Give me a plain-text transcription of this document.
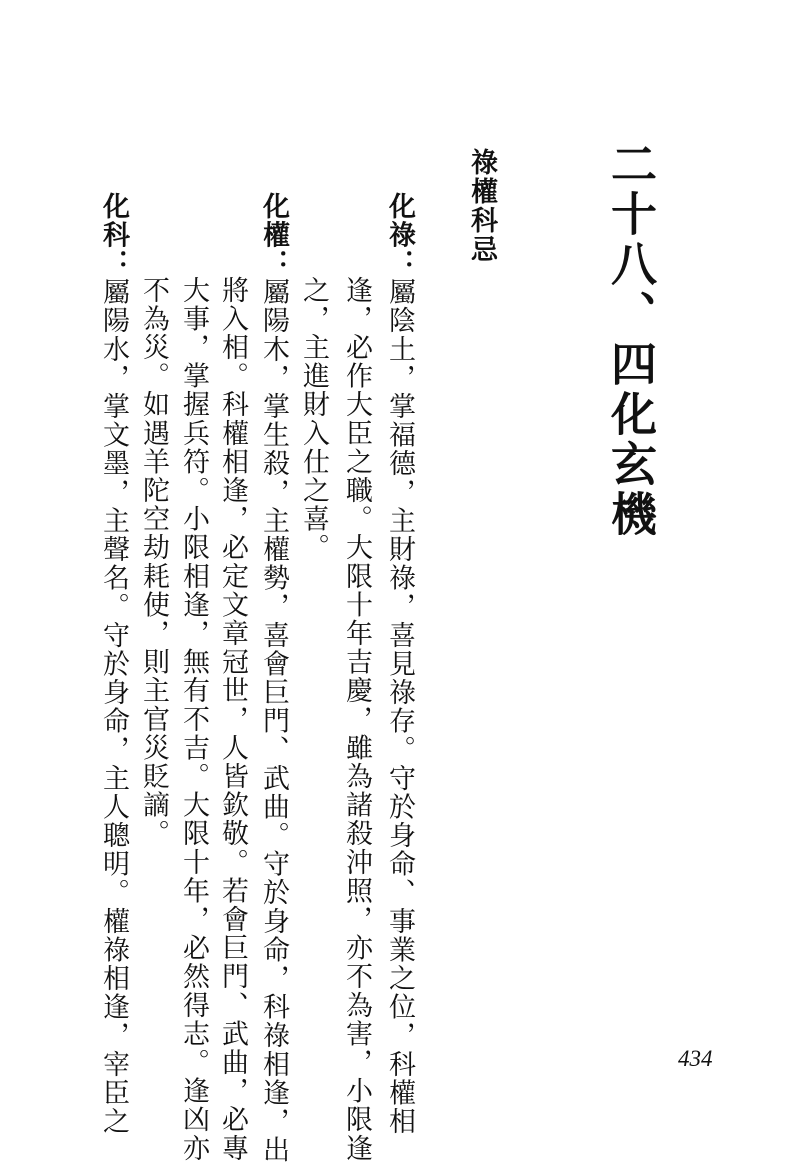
二十八、四化玄機
祿權科忌
化祿：屬陰土，掌福德，主財祿，喜見祿存。守於身命、事業之位，科權相
逢，必作大臣之職。大限十年吉慶，雖為諸殺沖照，亦不為害，小限逢
之，主進財入仕之喜。
化權：屬陽木，掌生殺，主權勢，喜會巨門、武曲。守於身命，科祿相逢，出
將入相。科權相逢，必定文章冠世，人皆欽敬。若會巨門、武曲，必專
大事，掌握兵符。小限相逢，無有不吉。大限十年，必然得志。逢凶亦
不為災。如遇羊陀空劫耗使，則主官災貶謫。
化科：屬陽水，掌文墨，主聲名。守於身命，主人聰明。權祿相逢，宰臣之	434
